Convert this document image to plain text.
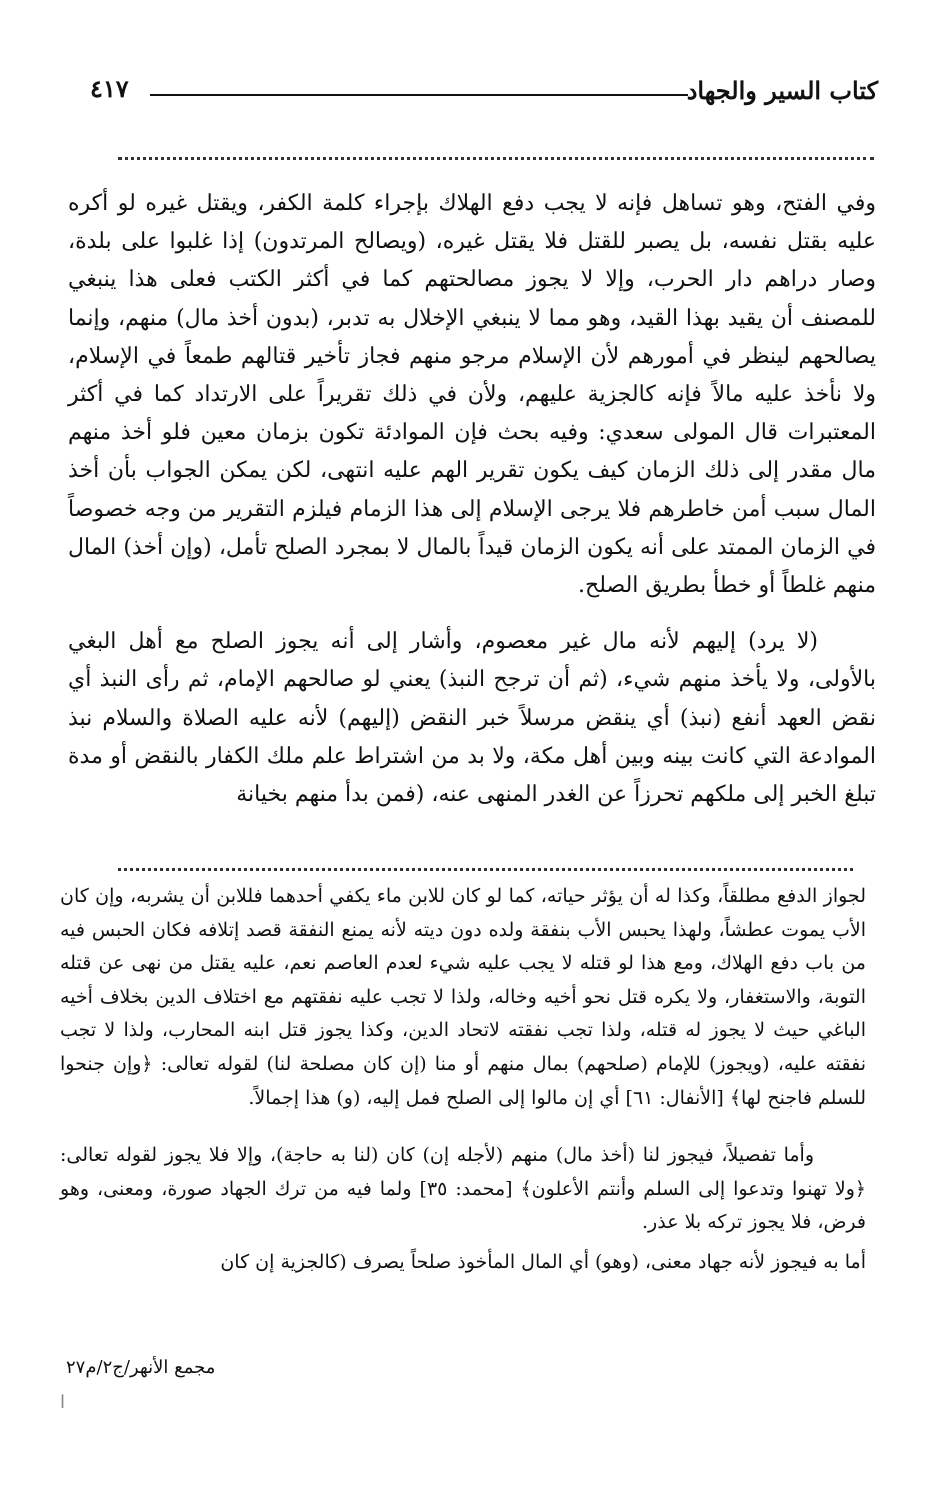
كتاب السير والجهاد
٤١٧

وفي الفتح، وهو تساهل فإنه لا يجب دفع الهلاك بإجراء كلمة الكفر، ويقتل غيره لو أكره عليه بقتل نفسه، بل يصبر للقتل فلا يقتل غيره، (ويصالح المرتدون) إذا غلبوا على بلدة، وصار دراهم دار الحرب، وإلا لا يجوز مصالحتهم كما في أكثر الكتب فعلى هذا ينبغي للمصنف أن يقيد بهذا القيد، وهو مما لا ينبغي الإخلال به تدبر، (بدون أخذ مال) منهم، وإنما يصالحهم لينظر في أمورهم لأن الإسلام مرجو منهم فجاز تأخير قتالهم طمعاً في الإسلام، ولا نأخذ عليه مالاً فإنه كالجزية عليهم، ولأن في ذلك تقريراً على الارتداد كما في أكثر المعتبرات قال المولى سعدي: وفيه بحث فإن الموادئة تكون بزمان معين فلو أخذ منهم مال مقدر إلى ذلك الزمان كيف يكون تقرير الهم عليه انتهى، لكن يمكن الجواب بأن أخذ المال سبب أمن خاطرهم فلا يرجى الإسلام إلى هذا الزمام فيلزم التقرير من وجه خصوصاً في الزمان الممتد على أنه يكون الزمان قيداً بالمال لا بمجرد الصلح تأمل، (وإن أخذ) المال منهم غلطاً أو خطأ بطريق الصلح.

(لا يرد) إليهم لأنه مال غير معصوم، وأشار إلى أنه يجوز الصلح مع أهل البغي بالأولى، ولا يأخذ منهم شيء، (ثم أن ترجح النبذ) يعني لو صالحهم الإمام، ثم رأى النبذ أي نقض العهد أنفع (نبذ) أي ينقض مرسلاً خبر النقض (إليهم) لأنه عليه الصلاة والسلام نبذ الموادعة التي كانت بينه وبين أهل مكة، ولا بد من اشتراط علم ملك الكفار بالنقض أو مدة تبلغ الخبر إلى ملكهم تحرزاً عن الغدر المنهى عنه، (فمن بدأ منهم بخيانة

لجواز الدفع مطلقاً، وكذا له أن يؤثر حياته، كما لو كان للابن ماء يكفي أحدهما فللابن أن يشربه، وإن كان الأب يموت عطشاً، ولهذا يحبس الأب بنفقة ولده دون ديته لأنه يمنع النفقة قصد إتلافه فكان الحبس فيه من باب دفع الهلاك، ومع هذا لو قتله لا يجب عليه شيء لعدم العاصم نعم، عليه يقتل من نهى عن قتله التوبة، والاستغفار، ولا يكره قتل نحو أخيه وخاله، ولذا لا تجب عليه نفقتهم مع اختلاف الدين بخلاف أخيه الباغي حيث لا يجوز له قتله، ولذا تجب نفقته لاتحاد الدين، وكذا يجوز قتل ابنه المحارب، ولذا لا تجب نفقته عليه، (ويجوز) للإمام (صلحهم) بمال منهم أو منا (إن كان مصلحة لنا) لقوله تعالى: ﴿وإن جنحوا للسلم فاجنح لها﴾ [الأنفال: ٦١] أي إن مالوا إلى الصلح فمل إليه، (و) هذا إجمالاً.

وأما تفصيلاً، فيجوز لنا (أخذ مال) منهم (لأجله إن) كان (لنا به حاجة)، وإلا فلا يجوز لقوله تعالى: ﴿ولا تهنوا وتدعوا إلى السلم وأنتم الأعلون﴾ [محمد: ٣٥] ولما فيه من ترك الجهاد صورة، ومعنى، وهو فرض، فلا يجوز تركه بلا عذر.

أما به فيجوز لأنه جهاد معنى، (وهو) أي المال المأخوذ صلحاً يصرف (كالجزية إن كان

مجمع الأنهر/ج٢/م٢٧
ا
